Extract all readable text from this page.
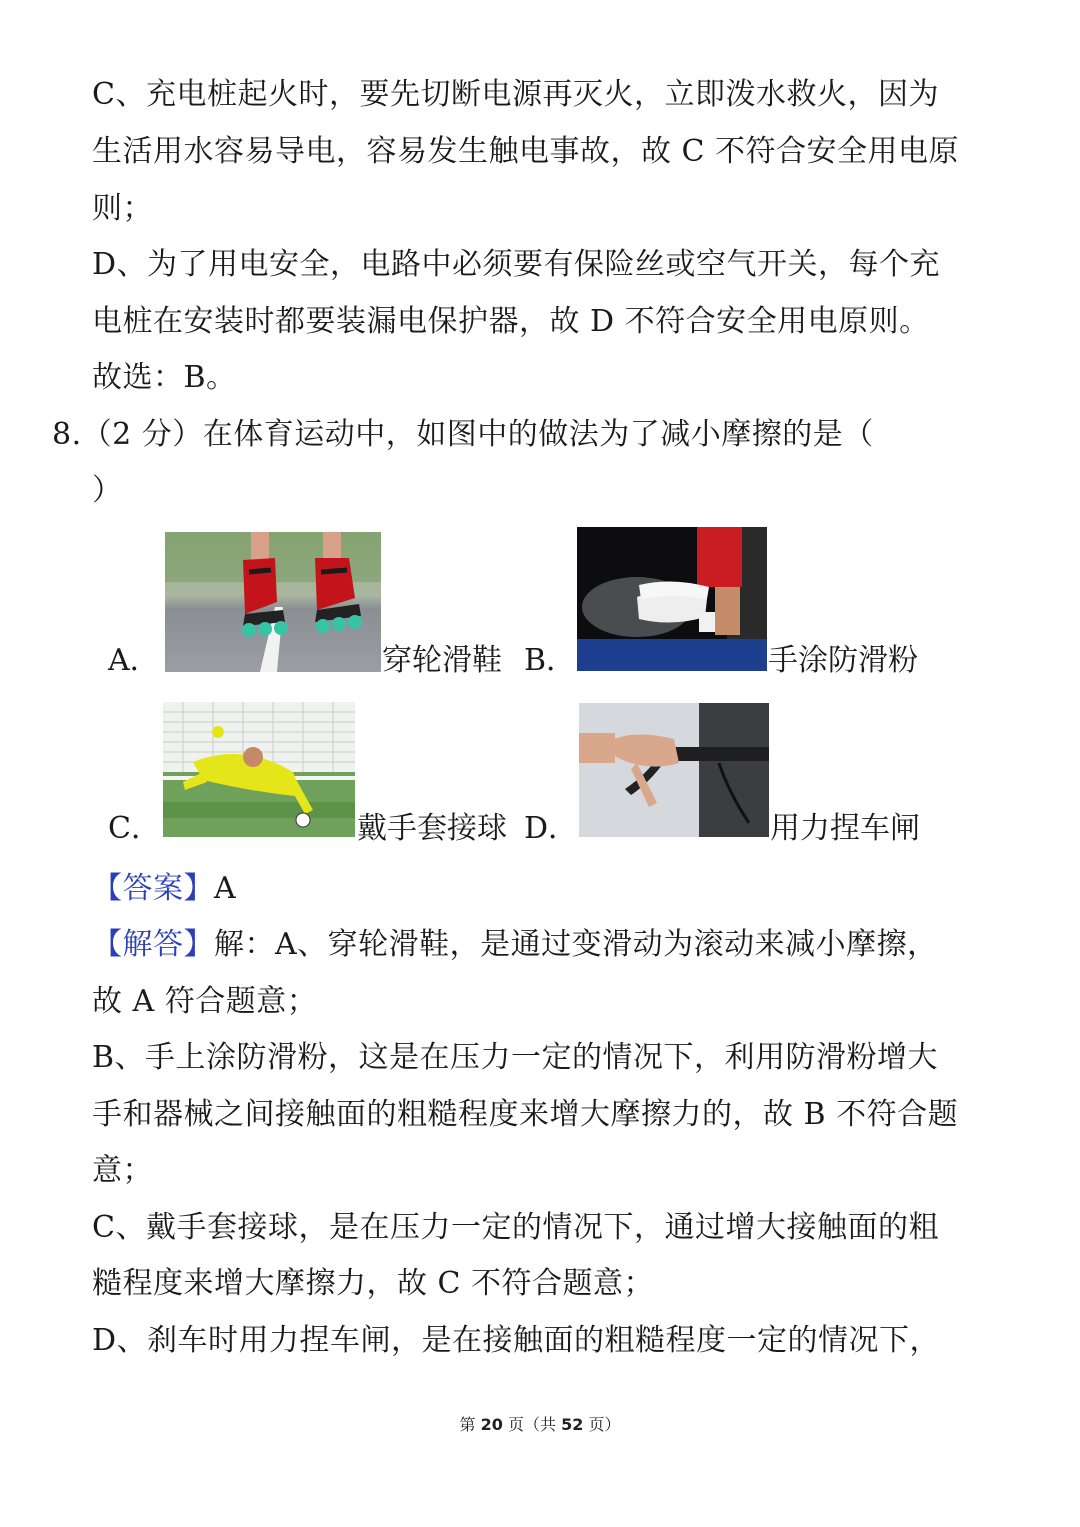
C、充电桩起火时，要先切断电源再灭火，立即泼水救火，因为
生活用水容易导电，容易发生触电事故，故 C 不符合安全用电原
则；
D、为了用电安全，电路中必须要有保险丝或空气开关，每个充
电桩在安装时都要装漏电保护器，故 D 不符合安全用电原则。
故选：B。
8.（2 分）在体育运动中，如图中的做法为了减小摩擦的是（
）
A．	穿轮滑鞋 B．	手涂防滑粉
C．	戴手套接球 D．	用力捏车闸
【答案】A
【解答】解：A、穿轮滑鞋，是通过变滑动为滚动来减小摩擦，
故 A 符合题意；
B、手上涂防滑粉，这是在压力一定的情况下，利用防滑粉增大
手和器械之间接触面的粗糙程度来增大摩擦力的，故 B 不符合题
意；
C、戴手套接球，是在压力一定的情况下，通过增大接触面的粗
糙程度来增大摩擦力，故 C 不符合题意；
D、刹车时用力捏车闸，是在接触面的粗糙程度一定的情况下，
第 20 页（共 52 页）
